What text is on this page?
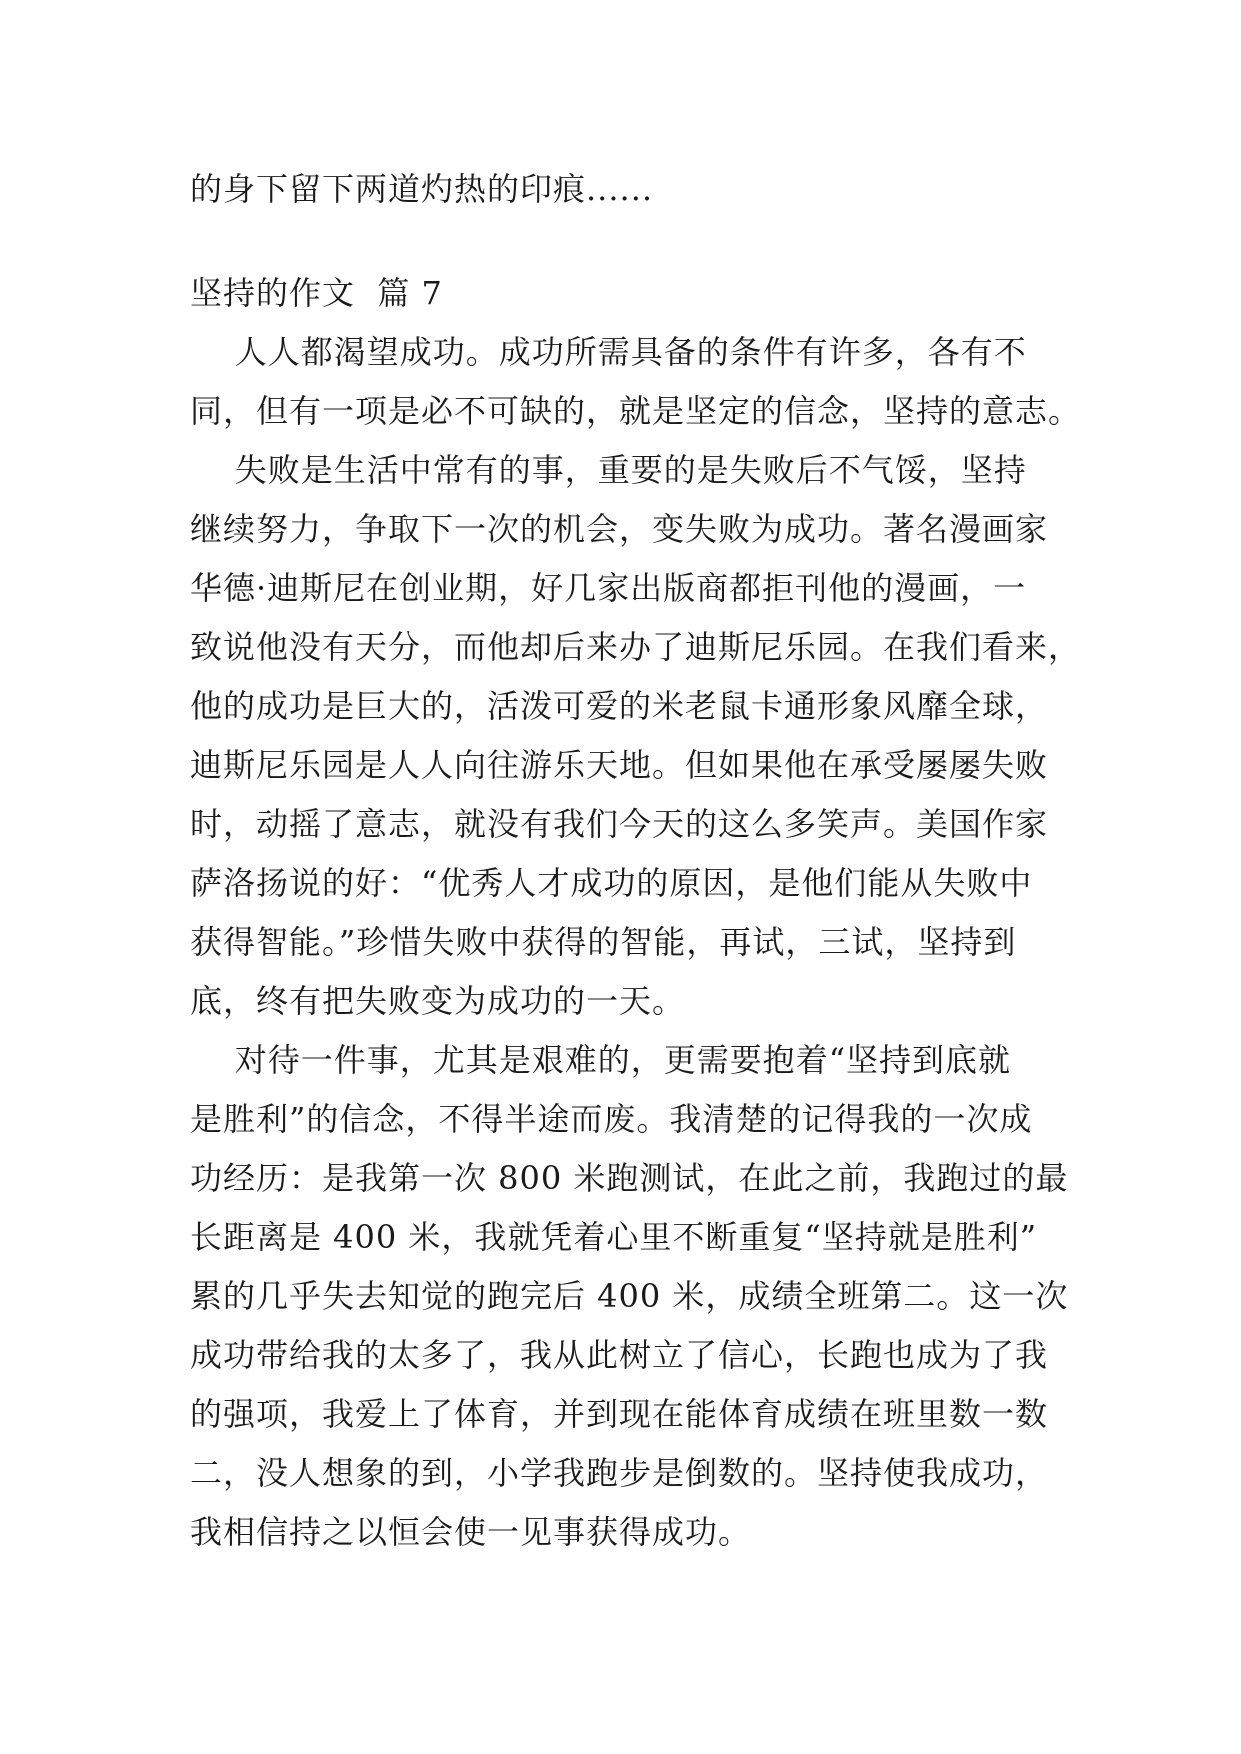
的身下留下两道灼热的印痕......
坚持的作文  篇 7
人人都渴望成功。成功所需具备的条件有许多，各有不
同，但有一项是必不可缺的，就是坚定的信念，坚持的意志。
失败是生活中常有的事，重要的是失败后不气馁，坚持
继续努力，争取下一次的机会，变失败为成功。著名漫画家
华德·迪斯尼在创业期，好几家出版商都拒刊他的漫画，一
致说他没有天分，而他却后来办了迪斯尼乐园。在我们看来，
他的成功是巨大的，活泼可爱的米老鼠卡通形象风靡全球，
迪斯尼乐园是人人向往游乐天地。但如果他在承受屡屡失败
时，动摇了意志，就没有我们今天的这么多笑声。美国作家
萨洛扬说的好：“优秀人才成功的原因，是他们能从失败中
获得智能。”珍惜失败中获得的智能，再试，三试，坚持到
底，终有把失败变为成功的一天。
对待一件事，尤其是艰难的，更需要抱着“坚持到底就
是胜利”的信念，不得半途而废。我清楚的记得我的一次成
功经历：是我第一次 800 米跑测试，在此之前，我跑过的最
长距离是 400 米，我就凭着心里不断重复“坚持就是胜利”
累的几乎失去知觉的跑完后 400 米，成绩全班第二。这一次
成功带给我的太多了，我从此树立了信心，长跑也成为了我
的强项，我爱上了体育，并到现在能体育成绩在班里数一数
二，没人想象的到，小学我跑步是倒数的。坚持使我成功，
我相信持之以恒会使一见事获得成功。
